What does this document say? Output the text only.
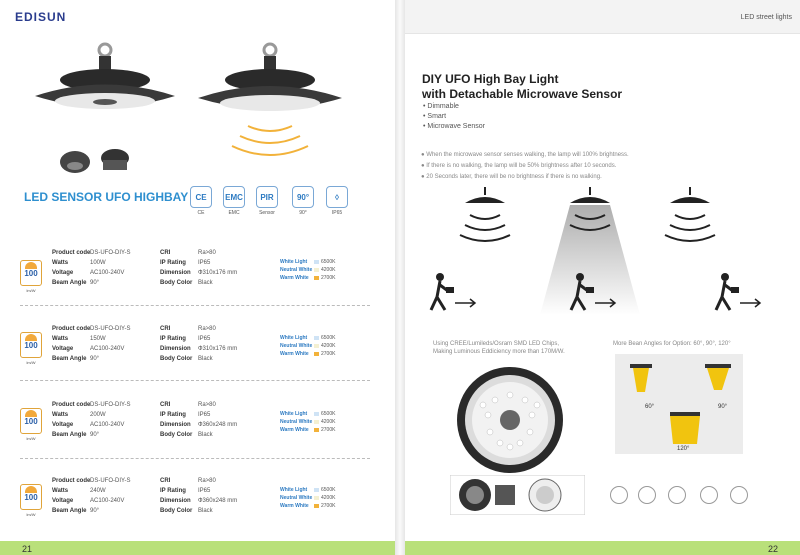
EDISUN
LED SENSOR UFO HIGHBAY CE
CE
EMC
EMC
PIR
Sensor
90°
90°
◊
IP65
100
lm/W
Product code DS-UFO-DIY-S
Watts	100W
Voltage	AC100-240V
Beam Angle 90°
CRI	Ra>80
IP Rating IP65
Dimension Ф310x176 mm
Body Color Black
White Light	6500K
Neutral White	4200K
Warm White	2700K
100
lm/W
Product code DS-UFO-DIY-S
Watts	150W
Voltage	AC100-240V
Beam Angle 90°
CRI	Ra>80
IP Rating IP65
Dimension Ф310x176 mm
Body Color Black
White Light	6500K
Neutral White	4200K
Warm White	2700K
100
lm/W
Product code DS-UFO-DIY-S
Watts	200W
Voltage	AC100-240V
Beam Angle 90°
CRI	Ra>80
IP Rating IP65
Dimension Ф360x248 mm
Body Color Black
White Light	6500K
Neutral White	4200K
Warm White	2700K
100
lm/W
Product code DS-UFO-DIY-S
Watts	240W
Voltage	AC100-240V
Beam Angle 90°
CRI	Ra>80
IP Rating IP65
Dimension Ф360x248 mm
Body Color Black
White Light	6500K
Neutral White	4200K
Warm White	2700K
21
LED street lights
DIY UFO High Bay Light
with Detachable Microwave Sensor
• Dimmable
• Smart
• Microwave Sensor
● When the microwave sensor senses walking, the lamp will 100% brightness.
● If there is no walking, the lamp will be 50% brightness after 10 seconds.
● 20 Seconds later, there will be no brightness if there is no walking.
Using CREE/Lumileds/Osram SMD LED Chips,
Making Luminous Eddiciency more than 170M/W.
More Bean Angles for Option: 60°, 90°, 120°
60°	90°
120°
22
